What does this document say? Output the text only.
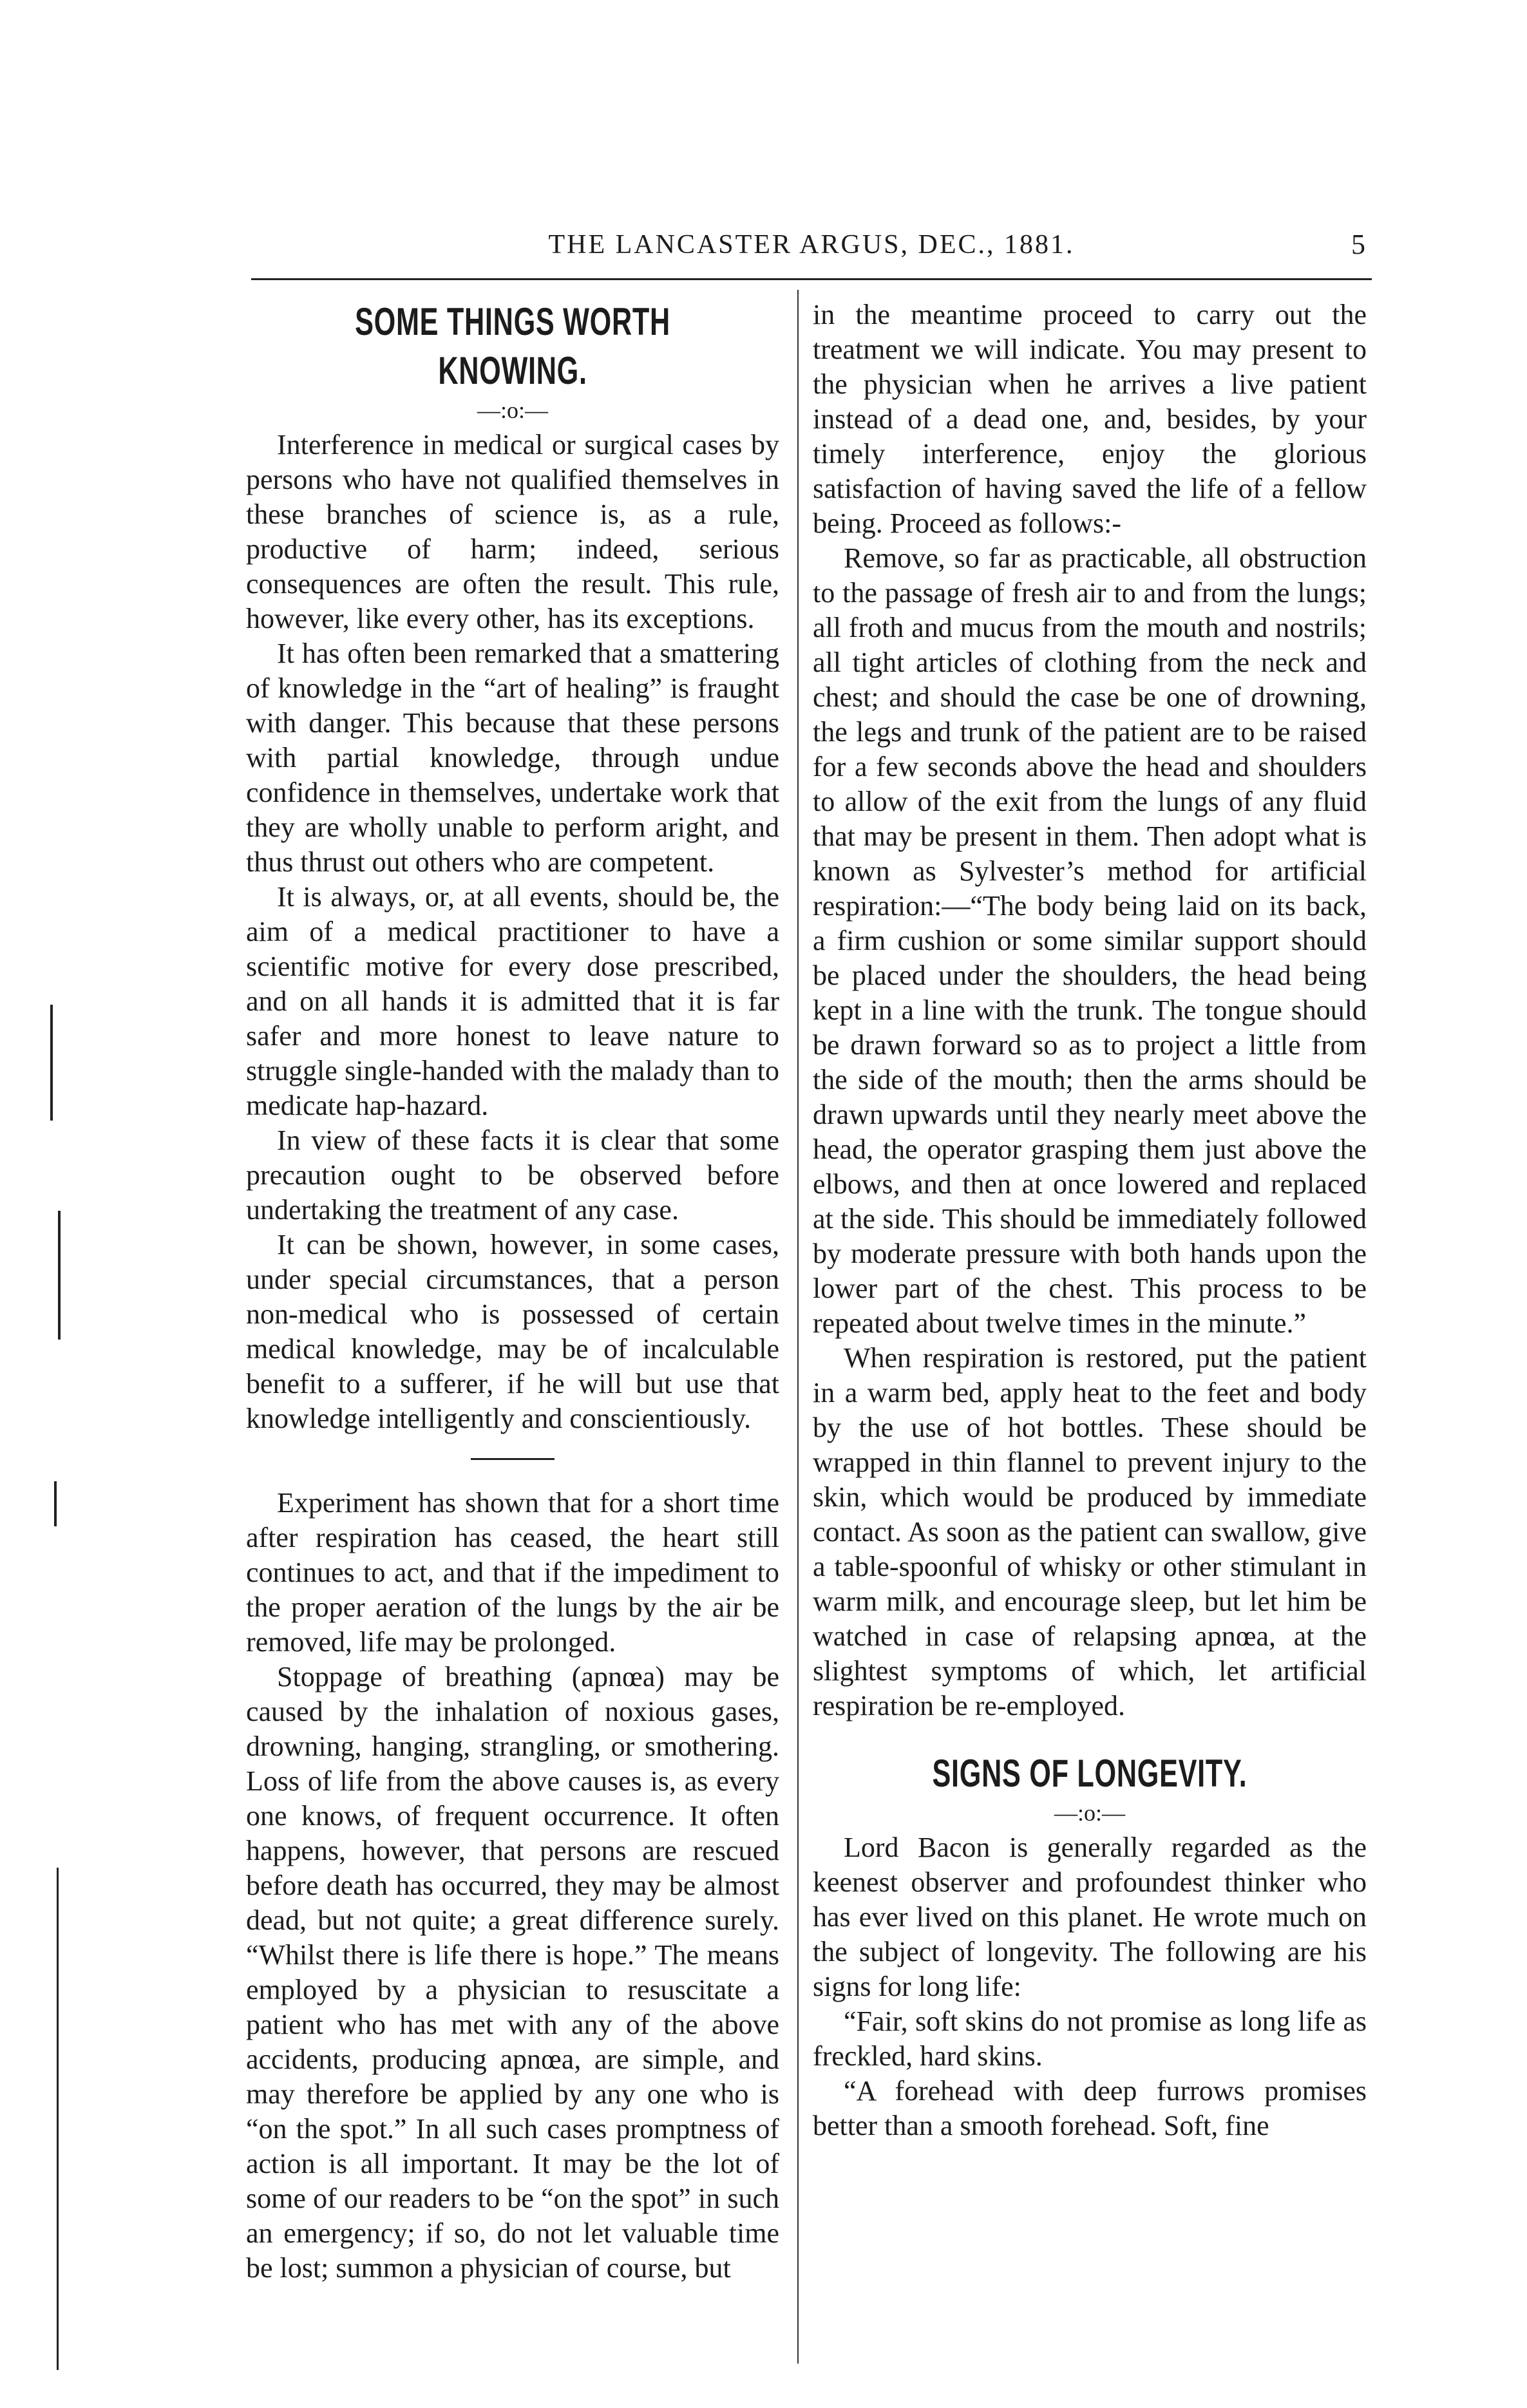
THE LANCASTER ARGUS, DEC., 1881.	5
SOME THINGS WORTH KNOWING.
—:o:—

Interference in medical or surgical cases by persons who have not qualified themselves in these branches of science is, as a rule, productive of harm; indeed, serious consequences are often the result. This rule, however, like every other, has its exceptions.

It has often been remarked that a smattering of knowledge in the “art of healing” is fraught with danger. This because that these persons with partial knowledge, through undue confidence in themselves, undertake work that they are wholly unable to perform aright, and thus thrust out others who are competent.

It is always, or, at all events, should be, the aim of a medical practitioner to have a scientific motive for every dose prescribed, and on all hands it is admitted that it is far safer and more honest to leave nature to struggle single-handed with the malady than to medicate hap-hazard.

In view of these facts it is clear that some precaution ought to be observed before undertaking the treatment of any case.

It can be shown, however, in some cases, under special circumstances, that a person non-medical who is possessed of certain medical knowledge, may be of incalculable benefit to a sufferer, if he will but use that knowledge intelligently and conscientiously.

Experiment has shown that for a short time after respiration has ceased, the heart still continues to act, and that if the impediment to the proper aeration of the lungs by the air be removed, life may be prolonged.

Stoppage of breathing (apnœa) may be caused by the inhalation of noxious gases, drowning, hanging, strangling, or smothering. Loss of life from the above causes is, as every one knows, of frequent occurrence. It often happens, however, that persons are rescued before death has occurred, they may be almost dead, but not quite; a great difference surely. “Whilst there is life there is hope.” The means employed by a physician to resuscitate a patient who has met with any of the above accidents, producing apnœa, are simple, and may therefore be applied by any one who is “on the spot.” In all such cases promptness of action is all important. It may be the lot of some of our readers to be “on the spot” in such an emergency; if so, do not let valuable time be lost; summon a physician of course, but

in the meantime proceed to carry out the treatment we will indicate. You may present to the physician when he arrives a live patient instead of a dead one, and, besides, by your timely interference, enjoy the glorious satisfaction of having saved the life of a fellow being. Proceed as follows:-

Remove, so far as practicable, all obstruction to the passage of fresh air to and from the lungs; all froth and mucus from the mouth and nostrils; all tight articles of clothing from the neck and chest; and should the case be one of drowning, the legs and trunk of the patient are to be raised for a few seconds above the head and shoulders to allow of the exit from the lungs of any fluid that may be present in them. Then adopt what is known as Sylvester’s method for artificial respiration:—“The body being laid on its back, a firm cushion or some similar support should be placed under the shoulders, the head being kept in a line with the trunk. The tongue should be drawn forward so as to project a little from the side of the mouth; then the arms should be drawn upwards until they nearly meet above the head, the operator grasping them just above the elbows, and then at once lowered and replaced at the side. This should be immediately followed by moderate pressure with both hands upon the lower part of the chest. This process to be repeated about twelve times in the minute.”

When respiration is restored, put the patient in a warm bed, apply heat to the feet and body by the use of hot bottles. These should be wrapped in thin flannel to prevent injury to the skin, which would be produced by immediate contact. As soon as the patient can swallow, give a table-spoonful of whisky or other stimulant in warm milk, and encourage sleep, but let him be watched in case of relapsing apnœa, at the slightest symptoms of which, let artificial respiration be re-employed.

SIGNS OF LONGEVITY.
—:o:—

Lord Bacon is generally regarded as the keenest observer and profoundest thinker who has ever lived on this planet. He wrote much on the subject of longevity. The following are his signs for long life:

“Fair, soft skins do not promise as long life as freckled, hard skins.

“A forehead with deep furrows promises better than a smooth forehead. Soft, fine
